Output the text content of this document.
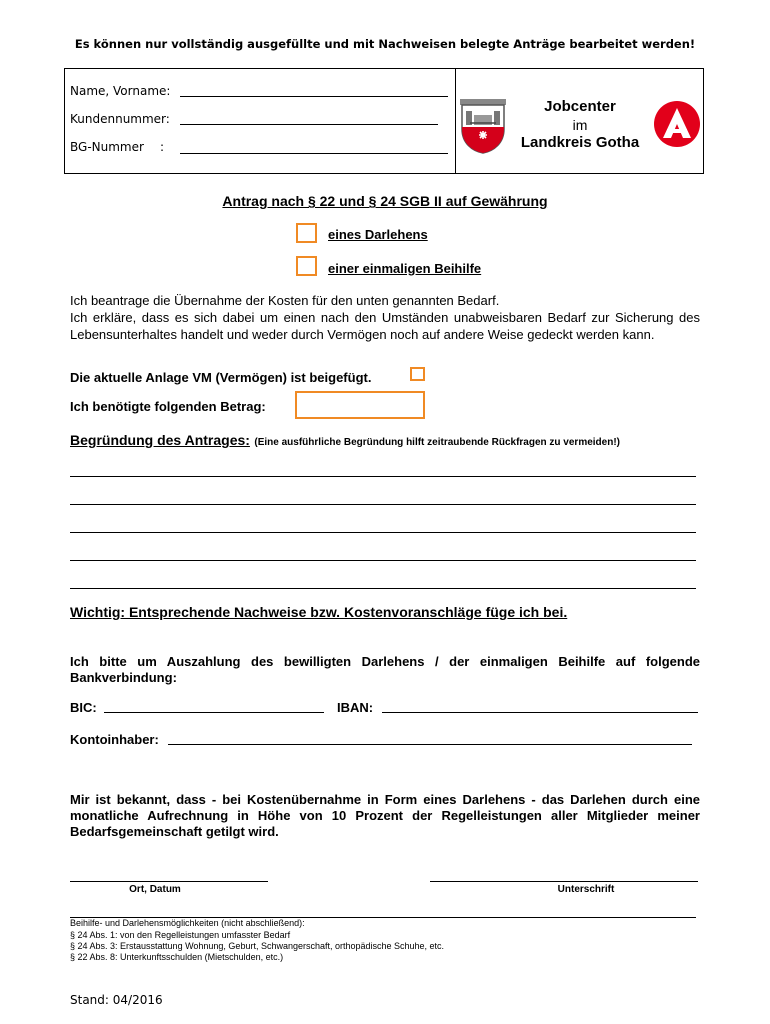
Es können nur vollständig ausgefüllte und mit Nachweisen belegte Anträge bearbeitet werden!
Name, Vorname:
Kundennummer:
BG-Nummer :
Jobcenter
im
Landkreis Gotha
Antrag nach § 22 und § 24 SGB II auf Gewährung
eines Darlehens
einer einmaligen Beihilfe
Ich beantrage die Übernahme der Kosten für den unten genannten Bedarf.
Ich erkläre, dass es sich dabei um einen nach den Umständen unabweisbaren Bedarf zur Sicherung des Lebensunterhaltes handelt und weder durch Vermögen noch auf andere Weise gedeckt werden kann.
Die aktuelle Anlage VM (Vermögen) ist beigefügt.
Ich benötigte folgenden Betrag:
Begründung des Antrages: (Eine ausführliche Begründung hilft zeitraubende Rückfragen zu vermeiden!)
Wichtig: Entsprechende Nachweise bzw. Kostenvoranschläge füge ich bei.
Ich bitte um Auszahlung des bewilligten Darlehens / der einmaligen Beihilfe auf folgende Bankverbindung:
BIC:	IBAN:
Kontoinhaber:
Mir ist bekannt, dass - bei Kostenübernahme in Form eines Darlehens - das Darlehen durch eine monatliche Aufrechnung in Höhe von 10 Prozent der Regelleistungen aller Mitglieder meiner Bedarfsgemeinschaft getilgt wird.
Ort, Datum	Unterschrift
Beihilfe- und Darlehensmöglichkeiten (nicht abschließend):
§ 24 Abs. 1: von den Regelleistungen umfasster Bedarf
§ 24 Abs. 3: Erstausstattung Wohnung, Geburt, Schwangerschaft, orthopädische Schuhe, etc.
§ 22 Abs. 8: Unterkunftsschulden (Mietschulden, etc.)
Stand: 04/2016
